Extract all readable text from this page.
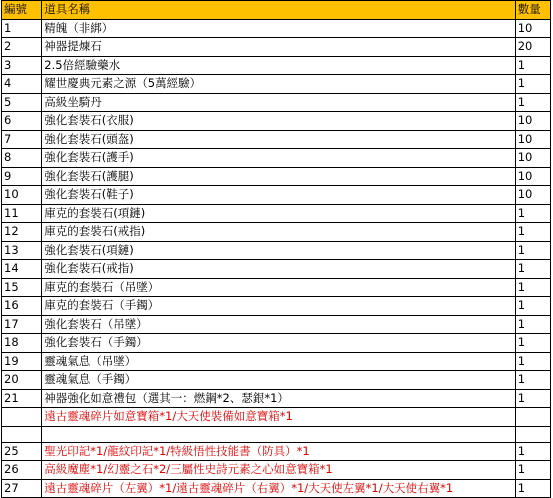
編號	道具名稱	數量
1	精魄（非綁）	10
2	神器提煉石	20
3	2.5倍經驗藥水	1
4	耀世慶典元素之源（5萬經驗）	1
5	高級坐騎丹	1
6	強化套裝石(衣服)	10
7	強化套裝石(頭盔)	10
8	強化套裝石(護手)	10
9	強化套裝石(護腿)	10
10	強化套裝石(鞋子)	10
11	庫克的套裝石(項鏈)	1
12	庫克的套裝石(戒指)	1
13	強化套裝石(項鏈)	1
14	強化套裝石(戒指)	1
15	庫克的套裝石（吊墜）	1
16	庫克的套裝石（手鐲）	1
17	強化套裝石（吊墜）	1
18	強化套裝石（手鐲）	1
19	靈魂氣息（吊墜）	1
20	靈魂氣息（手鐲）	1
21	神器強化如意禮包（選其一：燃鋼*2、瑟銀*1）	1
	遠古靈魂碎片如意寶箱*1/大天使裝備如意寶箱*1	

25	聖光印記*1/龍紋印記*1/特級悟性技能書（防具）*1	1
26	高級魔塵*1/幻靈之石*2/三屬性史詩元素之心如意寶箱*1	1
27	遠古靈魂碎片（左翼）*1/遠古靈魂碎片（右翼）*1/大天使左翼*1/大天使右翼*1	1
